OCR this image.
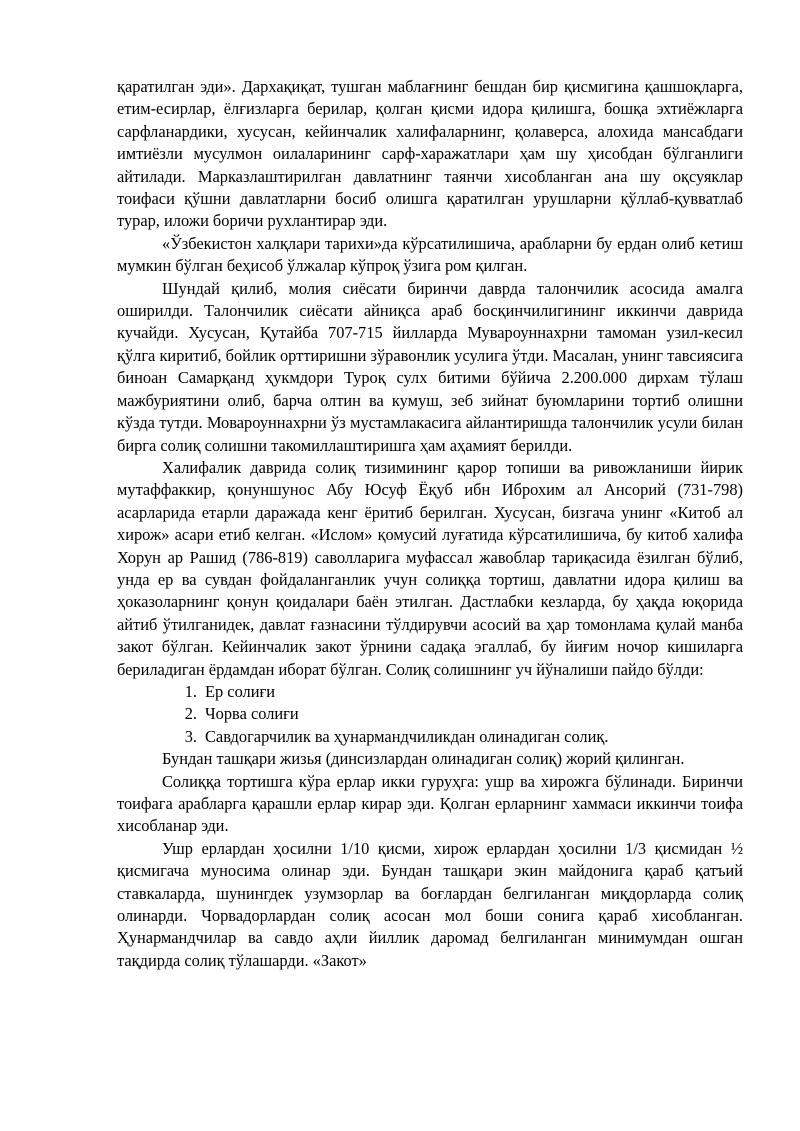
қаратилган эди». Дархақиқат, тушган маблағнинг бешдан бир қисмигина қашшоқларга, етим-есирлар, ёлғизларга берилар, қолган қисми идора қилишга, бошқа эхтиёжларга сарфланардики, хусусан, кейинчалик халифаларнинг, қолаверса, алохида мансабдаги имтиёзли мусулмон оилаларининг сарф-харажатлари ҳам шу ҳисобдан бўлганлиги айтилади. Марказлаштирилган давлатнинг таянчи хисобланган ана шу оқсуяклар тоифаси қўшни давлатларни босиб олишга қаратилган урушларни қўллаб-қувватлаб турар, иложи боричи рухлантирар эди.

«Ўзбекистон халқлари тарихи»да кўрсатилишича, арабларни бу ердан олиб кетиш мумкин бўлган беҳисоб ўлжалар кўпроқ ўзига ром қилган.

Шундай қилиб, молия сиёсати биринчи даврда талончилик асосида амалга оширилди. Талончилик сиёсати айниқса араб босқинчилигининг иккинчи даврида кучайди. Хусусан, Қутайба 707-715 йилларда Мувароуннахрни тамоман узил-кесил қўлга киритиб, бойлик орттиришни зўравонлик усулига ўтди. Масалан, унинг тавсиясига биноан Самарқанд ҳукмдори Туроқ сулх битими бўйича 2.200.000 дирхам тўлаш мажбуриятини олиб, барча олтин ва кумуш, зеб зийнат буюмларини тортиб олишни кўзда тутди. Мовароуннахрни ўз мустамлакасига айлантиришда талончилик усули билан бирга солиқ солишни такомиллаштиришга ҳам аҳамият берилди.

Халифалик даврида солиқ тизимининг қарор топиши ва ривожланиши йирик мутаффаккир, қонуншунос Абу Юсуф Ёқуб ибн Иброхим ал Ансорий (731-798) асарларида етарли даражада кенг ёритиб берилган. Хусусан, бизгача унинг «Китоб ал хирож» асари етиб келган. «Ислом» қомусий луғатида кўрсатилишича, бу китоб халифа Хорун ар Рашид (786-819) саволларига муфассал жавоблар тариқасида ёзилган бўлиб, унда ер ва сувдан фойдаланганлик учун солиққа тортиш, давлатни идора қилиш ва ҳоказоларнинг қонун қоидалари баён этилган. Дастлабки кезларда, бу ҳақда юқорида айтиб ўтилганидек, давлат ғазнасини тўлдирувчи асосий ва ҳар томонлама қулай манба закот бўлган. Кейинчалик закот ўрнини садақа эгаллаб, бу йиғим ночор кишиларга бериладиган ёрдамдан иборат бўлган. Солиқ солишнинг уч йўналиши пайдо бўлди:

1. Ер солиғи
2. Чорва солиғи
3. Савдогарчилик ва ҳунармандчиликдан олинадиган солиқ.

Бундан ташқари жизья (динсизлардан олинадиган солиқ) жорий қилинган.

Солиққа тортишга кўра ерлар икки гуруҳга: ушр ва хирожга бўлинади. Биринчи тоифага арабларга қарашли ерлар кирар эди. Қолган ерларнинг хаммаси иккинчи тоифа хисобланар эди.

Ушр ерлардан ҳосилни 1/10 қисми, хирож ерлардан ҳосилни 1/3 қисмидан ½ қисмигача муносима олинар эди. Бундан ташқари экин майдонига қараб қатъий ставкаларда, шунингдек узумзорлар ва боғлардан белгиланган миқдорларда солиқ олинарди. Чорвадорлардан солиқ асосан мол боши сонига қараб хисобланган. Ҳунармандчилар ва савдо аҳли йиллик даромад белгиланган минимумдан ошган тақдирда солиқ тўлашарди. «Закот»
